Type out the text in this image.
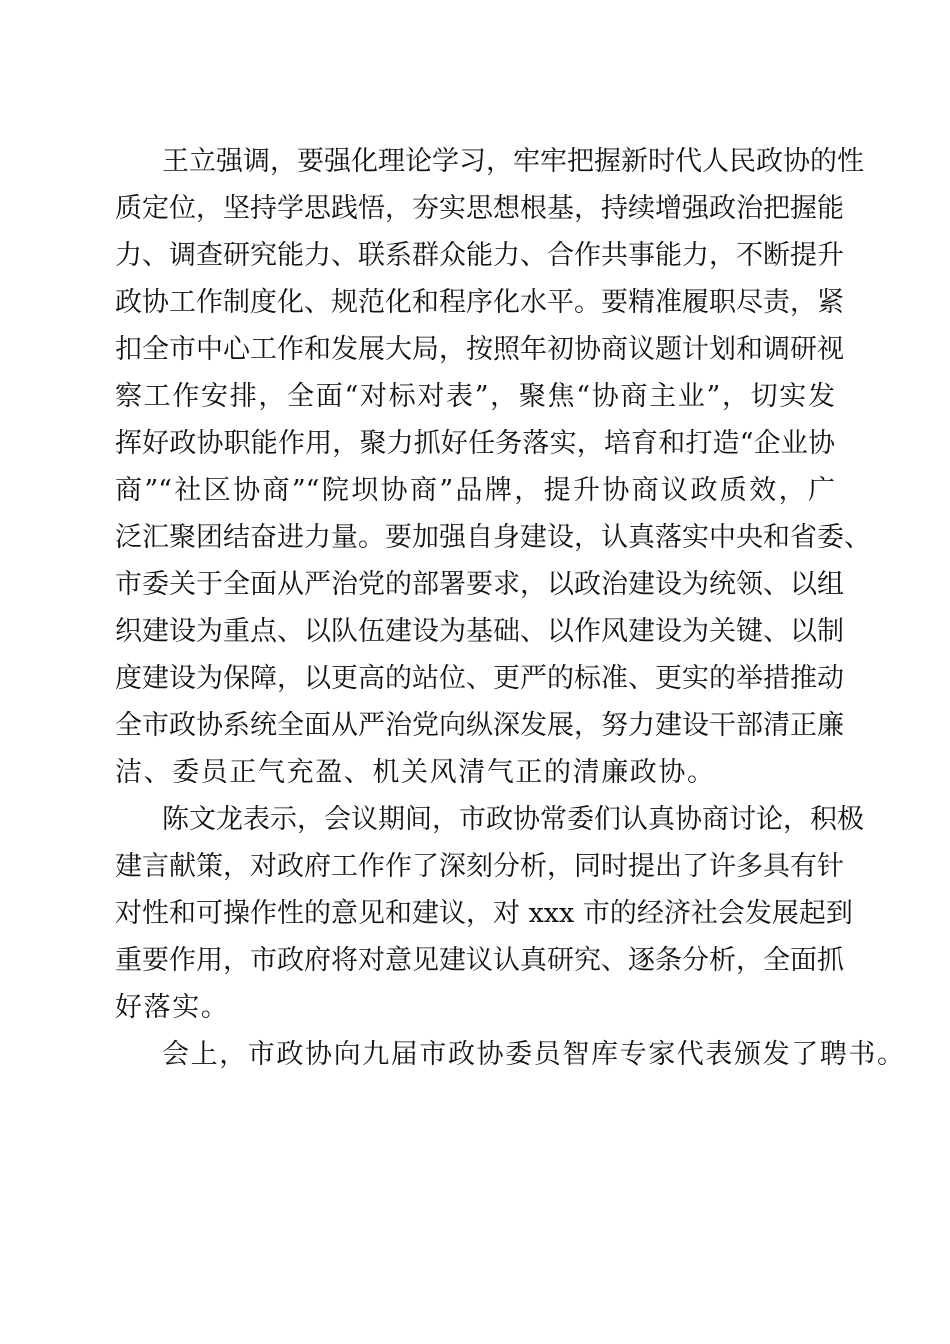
王立强调，要强化理论学习，牢牢把握新时代人民政协的性
质定位，坚持学思践悟，夯实思想根基，持续增强政治把握能
力、调查研究能力、联系群众能力、合作共事能力，不断提升
政协工作制度化、规范化和程序化水平。要精准履职尽责，紧
扣全市中心工作和发展大局，按照年初协商议题计划和调研视
察工作安排，全面“对标对表”，聚焦“协商主业”，切实发
挥好政协职能作用，聚力抓好任务落实，培育和打造“企业协
商”“社区协商”“院坝协商”品牌，提升协商议政质效，广
泛汇聚团结奋进力量。要加强自身建设，认真落实中央和省委、
市委关于全面从严治党的部署要求，以政治建设为统领、以组
织建设为重点、以队伍建设为基础、以作风建设为关键、以制
度建设为保障，以更高的站位、更严的标准、更实的举措推动
全市政协系统全面从严治党向纵深发展，努力建设干部清正廉
洁、委员正气充盈、机关风清气正的清廉政协。
陈文龙表示，会议期间，市政协常委们认真协商讨论，积极
建言献策，对政府工作作了深刻分析，同时提出了许多具有针
对性和可操作性的意见和建议，对 xxx 市的经济社会发展起到
重要作用，市政府将对意见建议认真研究、逐条分析，全面抓
好落实。
会上，市政协向九届市政协委员智库专家代表颁发了聘书。
